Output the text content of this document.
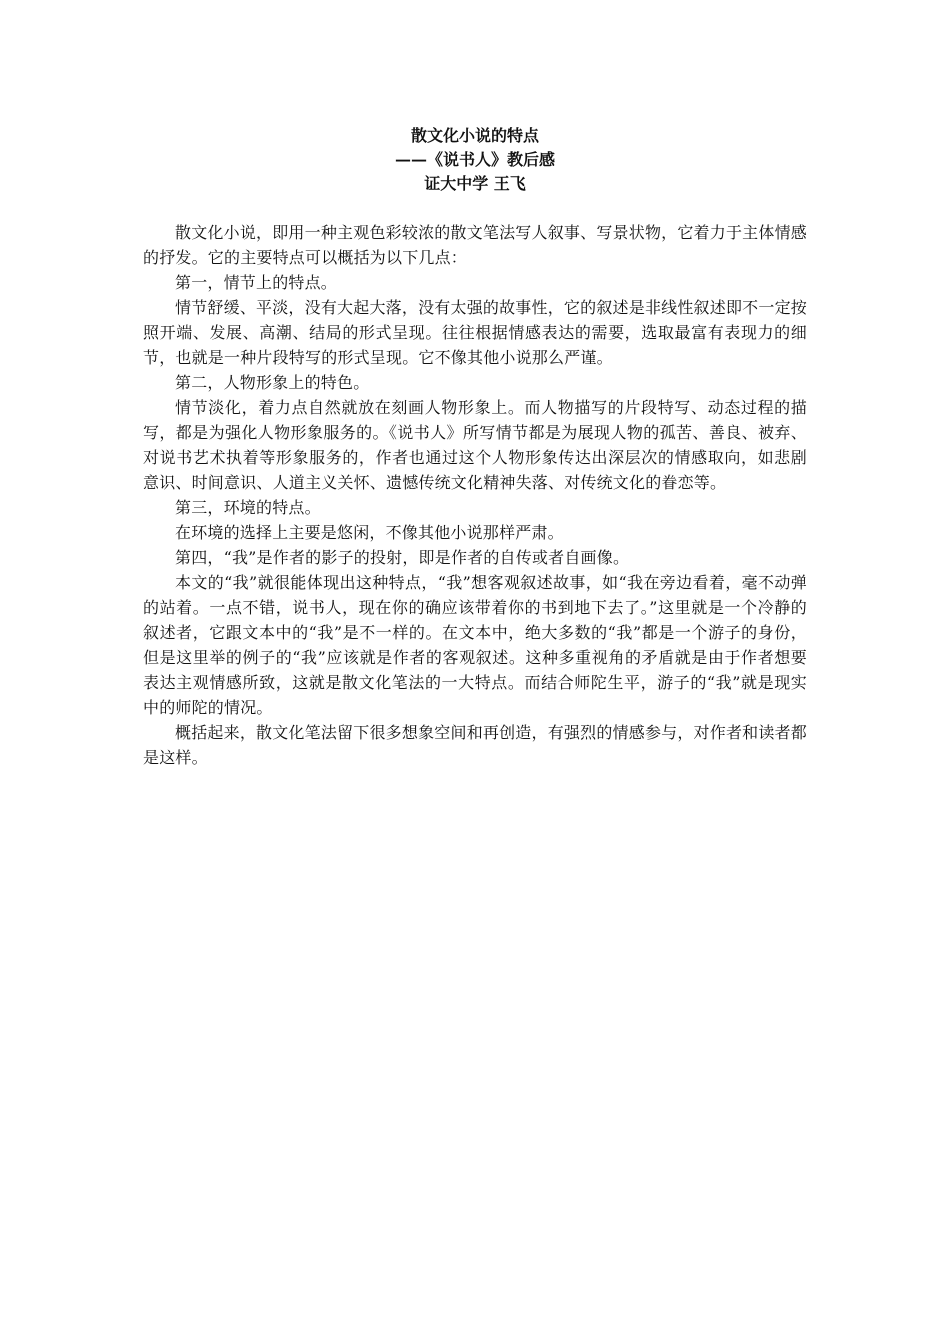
散文化小说的特点
——《说书人》教后感
证大中学 王飞

散文化小说，即用一种主观色彩较浓的散文笔法写人叙事、写景状物，它着力于主体情感的抒发。它的主要特点可以概括为以下几点：

第一，情节上的特点。

情节舒缓、平淡，没有大起大落，没有太强的故事性，它的叙述是非线性叙述即不一定按照开端、发展、高潮、结局的形式呈现。往往根据情感表达的需要，选取最富有表现力的细节，也就是一种片段特写的形式呈现。它不像其他小说那么严谨。

第二，人物形象上的特色。

情节淡化，着力点自然就放在刻画人物形象上。而人物描写的片段特写、动态过程的描写，都是为强化人物形象服务的。《说书人》所写情节都是为展现人物的孤苦、善良、被弃、对说书艺术执着等形象服务的，作者也通过这个人物形象传达出深层次的情感取向，如悲剧意识、时间意识、人道主义关怀、遗憾传统文化精神失落、对传统文化的眷恋等。

第三，环境的特点。

在环境的选择上主要是悠闲，不像其他小说那样严肃。

第四，“我”是作者的影子的投射，即是作者的自传或者自画像。

本文的“我”就很能体现出这种特点，“我”想客观叙述故事，如“我在旁边看着，毫不动弹的站着。一点不错，说书人，现在你的确应该带着你的书到地下去了。”这里就是一个冷静的叙述者，它跟文本中的“我”是不一样的。在文本中，绝大多数的“我”都是一个游子的身份，但是这里举的例子的“我”应该就是作者的客观叙述。这种多重视角的矛盾就是由于作者想要表达主观情感所致，这就是散文化笔法的一大特点。而结合师陀生平，游子的“我”就是现实中的师陀的情况。

概括起来，散文化笔法留下很多想象空间和再创造，有强烈的情感参与，对作者和读者都是这样。
